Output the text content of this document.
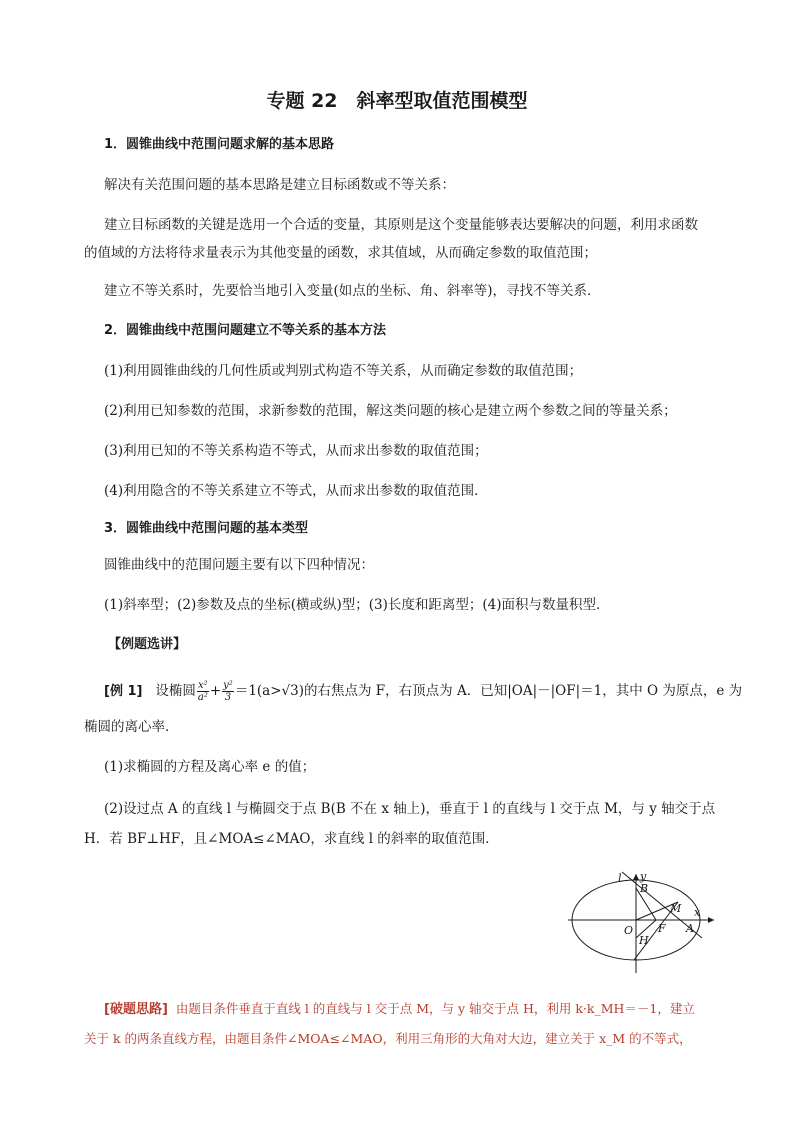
专题 22　斜率型取值范围模型
1．圆锥曲线中范围问题求解的基本思路
解决有关范围问题的基本思路是建立目标函数或不等关系：
建立目标函数的关键是选用一个合适的变量，其原则是这个变量能够表达要解决的问题，利用求函数
的值域的方法将待求量表示为其他变量的函数，求其值域，从而确定参数的取值范围；
建立不等关系时，先要恰当地引入变量(如点的坐标、角、斜率等)，寻找不等关系．
2．圆锥曲线中范围问题建立不等关系的基本方法
(1)利用圆锥曲线的几何性质或判别式构造不等关系，从而确定参数的取值范围；
(2)利用已知参数的范围，求新参数的范围，解这类问题的核心是建立两个参数之间的等量关系；
(3)利用已知的不等关系构造不等式，从而求出参数的取值范围；
(4)利用隐含的不等关系建立不等式，从而求出参数的取值范围．
3．圆锥曲线中范围问题的基本类型
圆锥曲线中的范围问题主要有以下四种情况：
(1)斜率型；(2)参数及点的坐标(横或纵)型；(3)长度和距离型；(4)面积与数量积型．
【例题选讲】
[例 1] 设椭圆 $\frac{\text{x²}}{\text{a²}} + \frac{\text{y²}}{3} =1(a>√3)$的右焦点为 F，右顶点为 A．已知|OA|－|OF|＝1，其中 O 为原点，e 为
椭圆的离心率．
(1)求椭圆的方程及离心率 e 的值；
(2)设过点 A 的直线 l 与椭圆交于点 B(B 不在 x 轴上)，垂直于 l 的直线与 l 交于点 M，与 y 轴交于点
H．若 BF⊥HF，且∠MOA≤∠MAO，求直线 l 的斜率的取值范围．
l y
B
M x
O F A
H
[破题思路] 由题目条件垂直于直线 l 的直线与 l 交于点 M，与 y 轴交于点 H，利用 k·k_MH＝－1，建立
关于 k 的两条直线方程，由题目条件∠MOA≤∠MAO，利用三角形的大角对大边，建立关于 x_M 的不等式，
